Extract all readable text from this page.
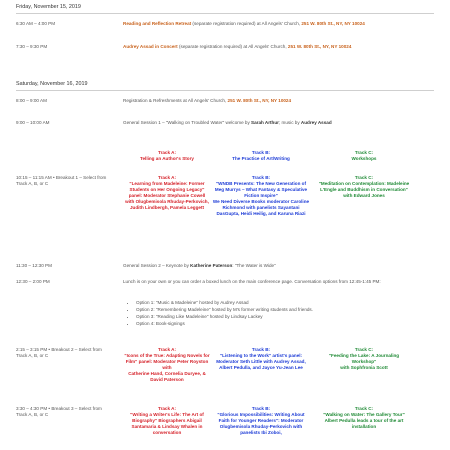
Friday, November 15, 2019
6:30 AM – 4:00 PM	Reading and Reflection Retreat (separate registration required) at All Angels' Church, 251 W. 80th St., NY, NY 10024
7:30 – 9:30 PM	Audrey Assad in Concert (separate registration required) at All Angels' Church, 251 W. 80th St., NY, NY 10024
Saturday, November 16, 2019
8:00 – 9:00 AM	Registration & Refreshments at All Angels' Church, 251 W. 80th St., NY, NY 10024
9:00 – 10:00 AM	General Session 1 – "Walking on Troubled Water" welcome by Sarah Arthur; music by Audrey Assad
Track A:
Telling an Author's Story
Track B:
The Practice of Art/Writing
Track C:
Workshops
10:15 – 11:15 AM • Breakout 1 – Select from Track A, B, or C
Track A:
"Learning from Madeleine: Former Students on Her Ongoing Legacy" panel: Moderator Stephanie Cowell with Olugbemisola Rhuday-Perkovich, Judith Lindbergh, Pamela Leggett
Track B:
"WNDB Presents: The New Generation of Meg Murrys – What Fantasy & Speculative Fiction Inspire"
We Need Diverse Books moderator Caroline Richmond with panelists Sayantani DasGupta, Heidi Heilig, and Karuna Riazi
Track C:
"Meditation on Contemplation: Madeleine L'Engle and Buddhism in Conversation" with Edward Jones
11:30 – 12:30 PM	General Session 2 – Keynote by Katherine Paterson: "The Water is Wide"
12:30 – 2:00 PM	Lunch is on your own or you can order a boxed lunch on the main conference page. Conversation options from 12:45-1:45 PM:
• Option 1: "Music & Madeleine" hosted by Audrey Assad
• Option 2: "Remembering Madeleine" hosted by M's former writing students and friends.
• Option 3: "Reading Like Madeleine" hosted by Lindsay Lackey
• Option 4: Book-signings
2:15 – 3:15 PM • Breakout 2 – Select from Track A, B, or C
Track A:
"Icons of the True: Adapting Novels for Film" panel: Moderator Peter Royston with
Catherine Hand, Cornelia Duryee, & David Paterson
Track B:
"Listening to the Work" artist's panel: Moderator Seth Little with Audrey Assad, Albert Pedulla, and Jayce Yu-Jean Lee
Track C:
"Feeding the Lake: A Journaling Workshop"
with Sophfronia Scott
3:30 – 4:30 PM • Breakout 3 – Select from Track A, B, or C
Track A:
"Writing a Writer's Life: The Art of Biography" Biographers Abigail Santamaria & Lindsay Whalen in conversation
Track B:
"Glorious Impossibilities: Writing About Faith for Younger Readers": Moderator Olugbemisola Rhuday-Perkovich with panelists Ibi Zoboi,
Track C:
"Walking on Water: The Gallery Tour"
Albert Pedulla leads a tour of the art installation
